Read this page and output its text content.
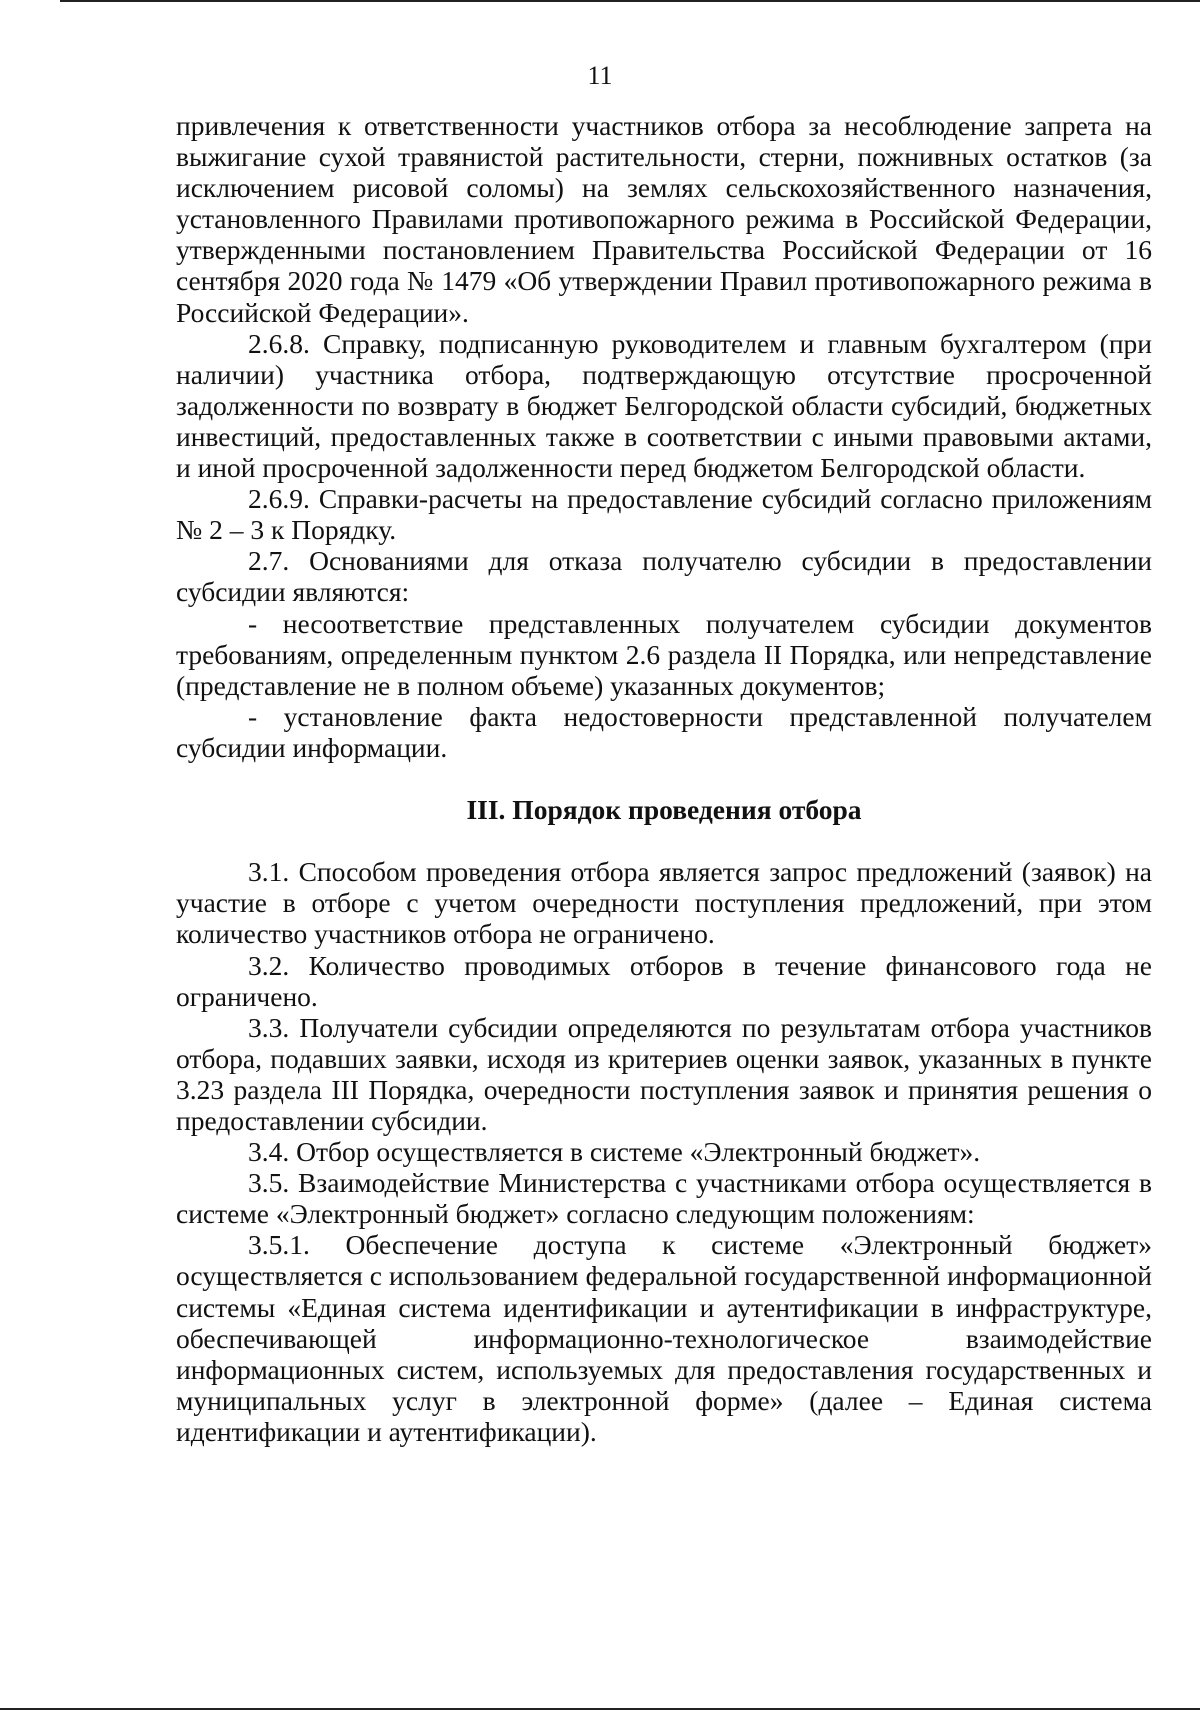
11

привлечения к ответственности участников отбора за несоблюдение запрета на выжигание сухой травянистой растительности, стерни, пожнивных остатков (за исключением рисовой соломы) на землях сельскохозяйственного назначения, установленного Правилами противопожарного режима в Российской Федерации, утвержденными постановлением Правительства Российской Федерации от 16 сентября 2020 года № 1479 «Об утверждении Правил противопожарного режима в Российской Федерации».

2.6.8. Справку, подписанную руководителем и главным бухгалтером (при наличии) участника отбора, подтверждающую отсутствие просроченной задолженности по возврату в бюджет Белгородской области субсидий, бюджетных инвестиций, предоставленных также в соответствии с иными правовыми актами, и иной просроченной задолженности перед бюджетом Белгородской области.

2.6.9. Справки-расчеты на предоставление субсидий согласно приложениям № 2 – 3 к Порядку.

2.7. Основаниями для отказа получателю субсидии в предоставлении субсидии являются:

- несоответствие представленных получателем субсидии документов требованиям, определенным пунктом 2.6 раздела II Порядка, или непредставление (представление не в полном объеме) указанных документов;

- установление факта недостоверности представленной получателем субсидии информации.

III. Порядок проведения отбора

3.1. Способом проведения отбора является запрос предложений (заявок) на участие в отборе с учетом очередности поступления предложений, при этом количество участников отбора не ограничено.

3.2. Количество проводимых отборов в течение финансового года не ограничено.

3.3. Получатели субсидии определяются по результатам отбора участников отбора, подавших заявки, исходя из критериев оценки заявок, указанных в пункте 3.23 раздела III Порядка, очередности поступления заявок и принятия решения о предоставлении субсидии.

3.4. Отбор осуществляется в системе «Электронный бюджет».

3.5. Взаимодействие Министерства с участниками отбора осуществляется в системе «Электронный бюджет» согласно следующим положениям:

3.5.1. Обеспечение доступа к системе «Электронный бюджет» осуществляется с использованием федеральной государственной информационной системы «Единая система идентификации и аутентификации в инфраструктуре, обеспечивающей информационно-технологическое взаимодействие информационных систем, используемых для предоставления государственных и муниципальных услуг в электронной форме» (далее – Единая система идентификации и аутентификации).
